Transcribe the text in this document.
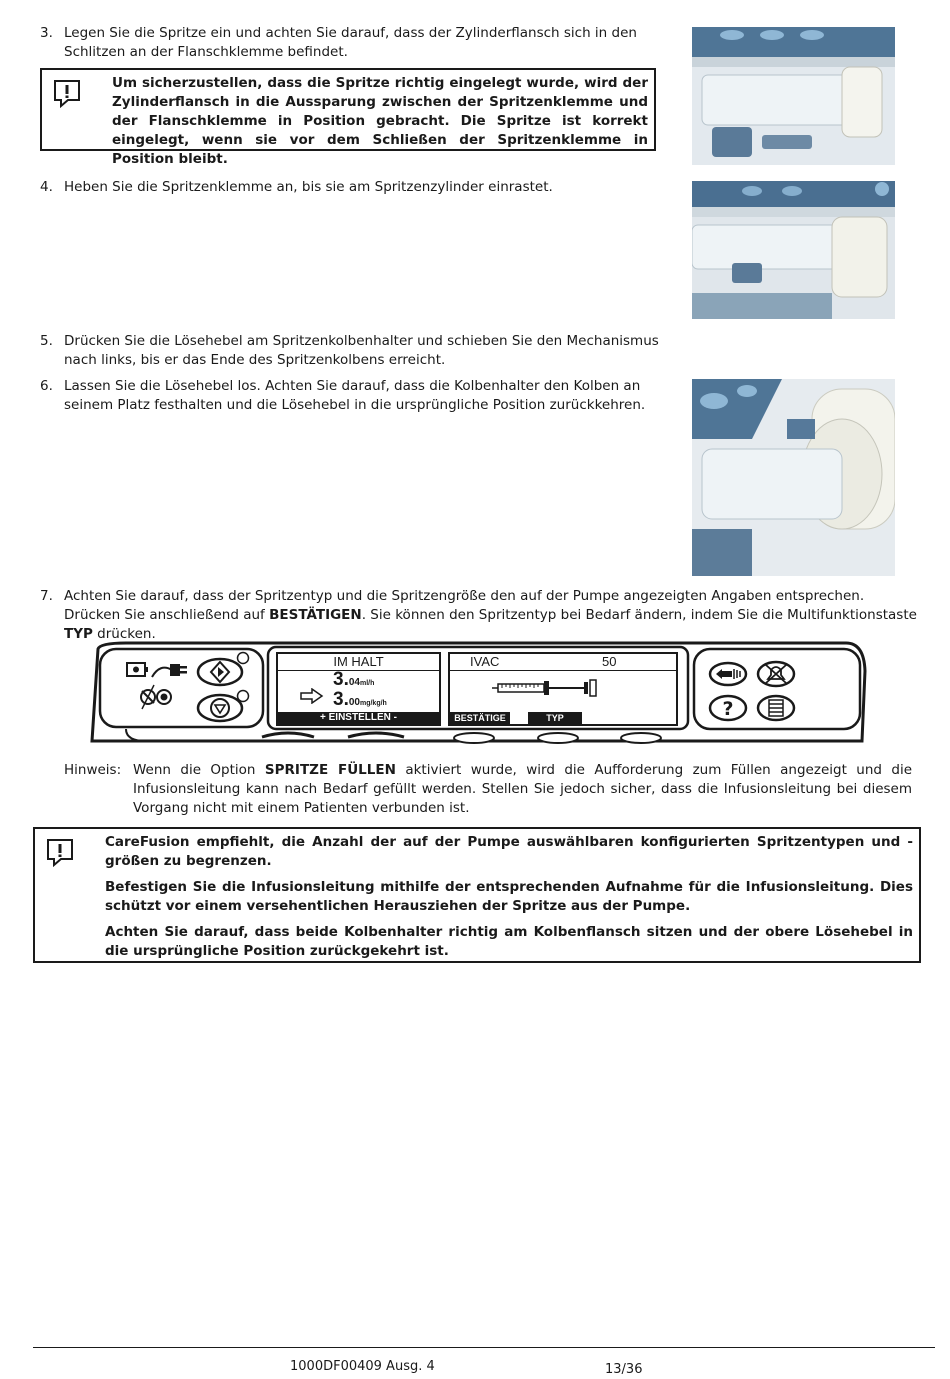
3. Legen Sie die Spritze ein und achten Sie darauf, dass der Zylinderflansch sich in den Schlitzen an der Flanschklemme befindet.

Um sicherzustellen, dass die Spritze richtig eingelegt wurde, wird der Zylinderflansch in die Aussparung zwischen der Spritzenklemme und der Flanschklemme in Position gebracht. Die Spritze ist korrekt eingelegt, wenn sie vor dem Schließen der Spritzenklemme in Position bleibt.

4. Heben Sie die Spritzenklemme an, bis sie am Spritzenzylinder einrastet.
5. Drücken Sie die Lösehebel am Spritzenkolbenhalter und schieben Sie den Mechanismus nach links, bis er das Ende des Spritzenkolbens erreicht.
6. Lassen Sie die Lösehebel los. Achten Sie darauf, dass die Kolbenhalter den Kolben an seinem Platz festhalten und die Lösehebel in die ursprüngliche Position zurückkehren.
7. Achten Sie darauf, dass der Spritzentyp und die Spritzengröße den auf der Pumpe angezeigten Angaben entsprechen. Drücken Sie anschließend auf BESTÄTIGEN. Sie können den Spritzentyp bei Bedarf ändern, indem Sie die Multifunktionstaste TYP drücken.
IM HALT
3.04ml/h
3.00mg/kg/h
+ EINSTELLEN -
IVAC	50
BESTÄTIGE	TYP	?
Hinweis: Wenn die Option SPRITZE FÜLLEN aktiviert wurde, wird die Aufforderung zum Füllen angezeigt und die Infusionsleitung kann nach Bedarf gefüllt werden. Stellen Sie jedoch sicher, dass die Infusionsleitung bei diesem Vorgang nicht mit einem Patienten verbunden ist.

CareFusion empfiehlt, die Anzahl der auf der Pumpe auswählbaren konfigurierten Spritzentypen und -größen zu begrenzen.

Befestigen Sie die Infusionsleitung mithilfe der entsprechenden Aufnahme für die Infusionsleitung. Dies schützt vor einem versehentlichen Herausziehen der Spritze aus der Pumpe.

Achten Sie darauf, dass beide Kolbenhalter richtig am Kolbenflansch sitzen und der obere Lösehebel in die ursprüngliche Position zurückgekehrt ist.

1000DF00409 Ausg. 4	13/36
